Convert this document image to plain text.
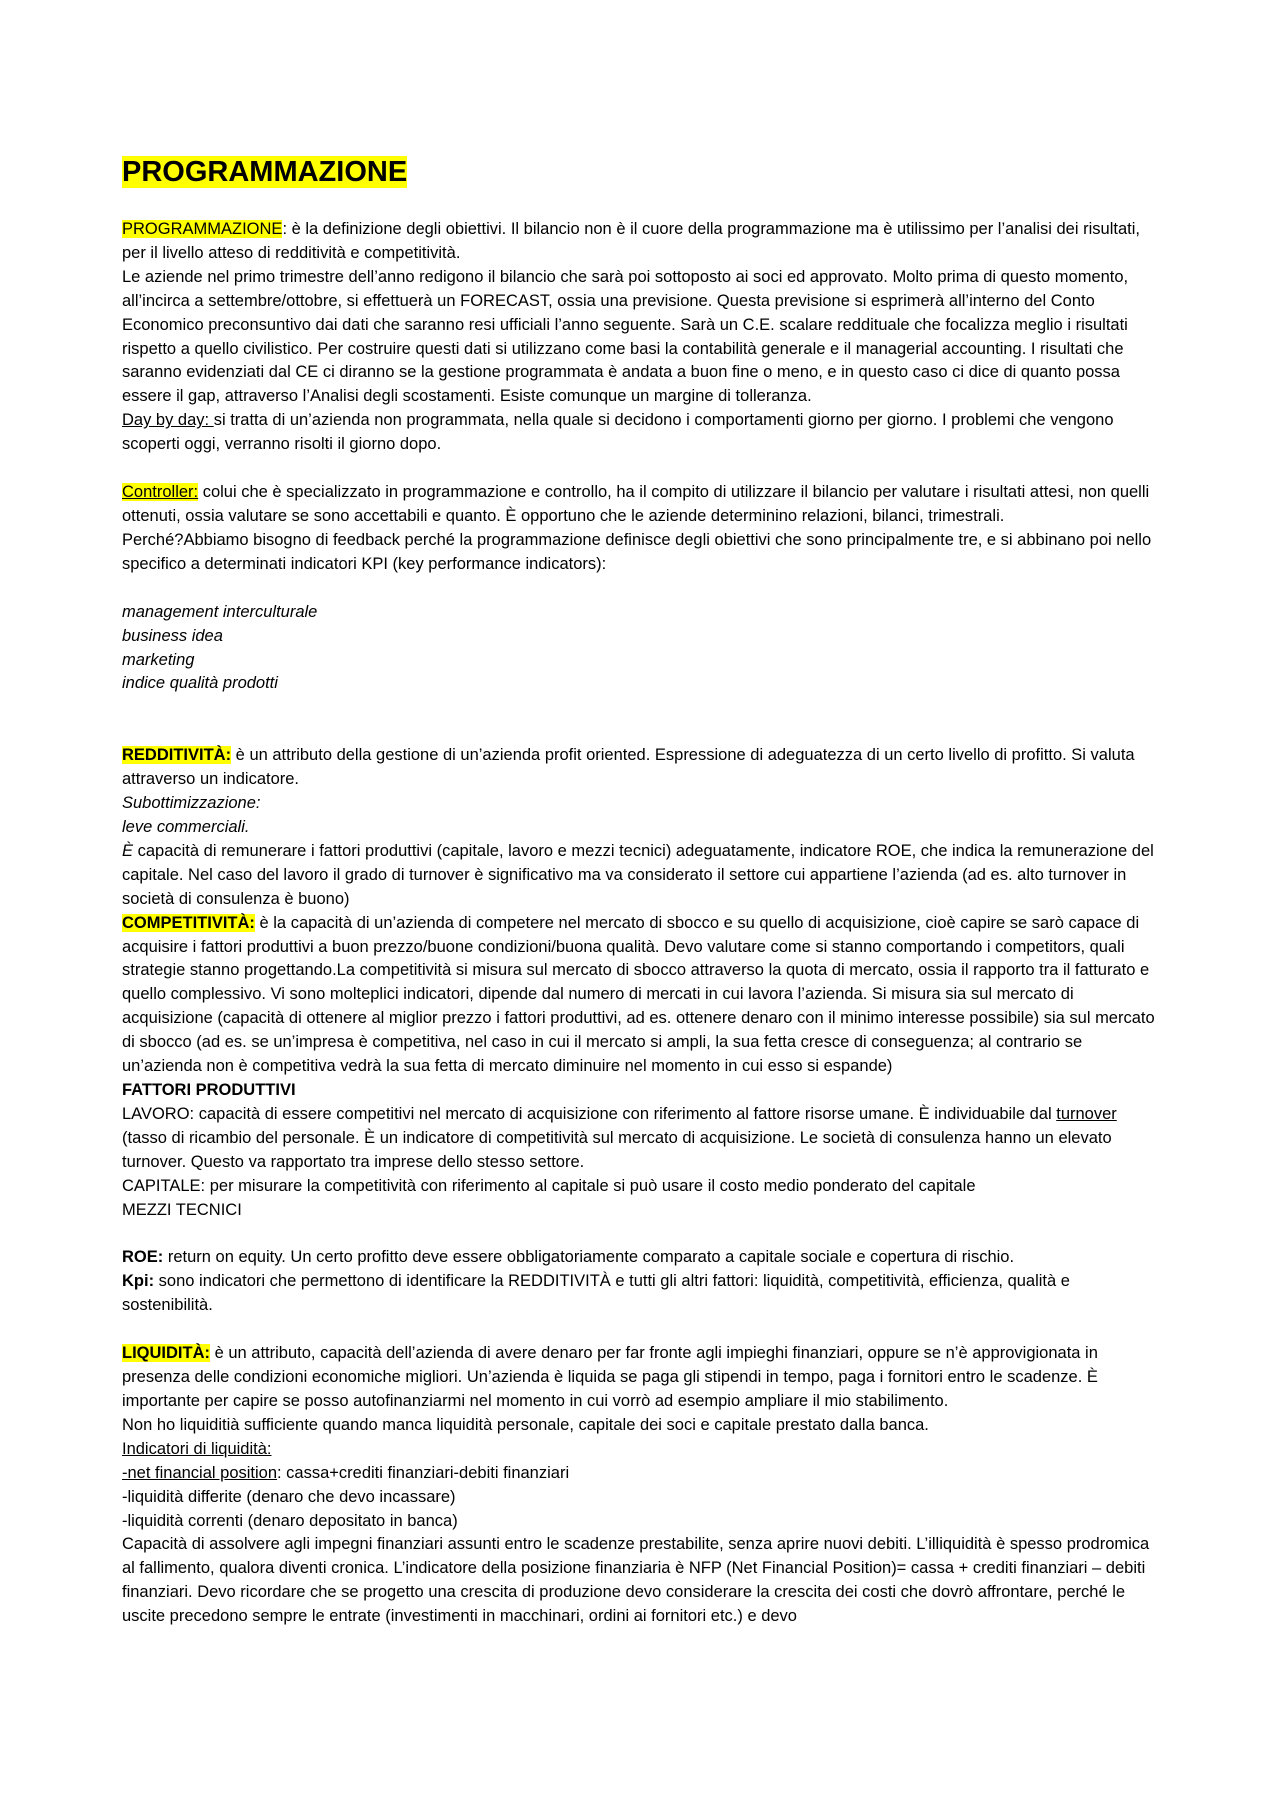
PROGRAMMAZIONE

PROGRAMMAZIONE: è la definizione degli obiettivi. Il bilancio non è il cuore della programmazione ma è utilissimo per l’analisi dei risultati, per il livello atteso di redditività e competitività.

Le aziende nel primo trimestre dell’anno redigono il bilancio che sarà poi sottoposto ai soci ed approvato. Molto prima di questo momento, all’incirca a settembre/ottobre, si effettuerà un FORECAST, ossia una previsione. Questa previsione si esprimerà all’interno del Conto Economico preconsuntivo dai dati che saranno resi ufficiali l’anno seguente. Sarà un C.E. scalare reddituale che focalizza meglio i risultati rispetto a quello civilistico. Per costruire questi dati si utilizzano come basi la contabilità generale e il managerial accounting. I risultati che saranno evidenziati dal CE ci diranno se la gestione programmata è andata a buon fine o meno, e in questo caso ci dice di quanto possa essere il gap, attraverso l’Analisi degli scostamenti. Esiste comunque un margine di tolleranza.

Day by day: si tratta di un’azienda non programmata, nella quale si decidono i comportamenti giorno per giorno. I problemi che vengono scoperti oggi, verranno risolti il giorno dopo.

Controller: colui che è specializzato in programmazione e controllo, ha il compito di utilizzare il bilancio per valutare i risultati attesi, non quelli ottenuti, ossia valutare se sono accettabili e quanto. È opportuno che le aziende determinino relazioni, bilanci, trimestrali.

Perché?Abbiamo bisogno di feedback perché la programmazione definisce degli obiettivi che sono principalmente tre, e si abbinano poi nello specifico a determinati indicatori KPI (key performance indicators):

management interculturale

business idea

marketing

indice qualità prodotti

REDDITIVITÀ: è un attributo della gestione di un’azienda profit oriented. Espressione di adeguatezza di un certo livello di profitto. Si valuta attraverso un indicatore.

Subottimizzazione:

leve commerciali.

È capacità di remunerare i fattori produttivi (capitale, lavoro e mezzi tecnici) adeguatamente, indicatore ROE, che indica la remunerazione del capitale. Nel caso del lavoro il grado di turnover è significativo ma va considerato il settore cui appartiene l’azienda (ad es. alto turnover in società di consulenza è buono)

COMPETITIVITÀ: è la capacità di un’azienda di competere nel mercato di sbocco e su quello di acquisizione, cioè capire se sarò capace di acquisire i fattori produttivi a buon prezzo/buone condizioni/buona qualità. Devo valutare come si stanno comportando i competitors, quali strategie stanno progettando.La competitività si misura sul mercato di sbocco attraverso la quota di mercato, ossia il rapporto tra il fatturato e quello complessivo. Vi sono molteplici indicatori, dipende dal numero di mercati in cui lavora l’azienda. Si misura sia sul mercato di acquisizione (capacità di ottenere al miglior prezzo i fattori produttivi, ad es. ottenere denaro con il minimo interesse possibile) sia sul mercato di sbocco (ad es. se un’impresa è competitiva, nel caso in cui il mercato si ampli, la sua fetta cresce di conseguenza; al contrario se un’azienda non è competitiva vedrà la sua fetta di mercato diminuire nel momento in cui esso si espande)

FATTORI PRODUTTIVI

LAVORO: capacità di essere competitivi nel mercato di acquisizione con riferimento al fattore risorse umane. È individuabile dal turnover (tasso di ricambio del personale. È un indicatore di competitività sul mercato di acquisizione. Le società di consulenza hanno un elevato turnover. Questo va rapportato tra imprese dello stesso settore.

CAPITALE: per misurare la competitività con riferimento al capitale si può usare il costo medio ponderato del capitale

MEZZI TECNICI

ROE: return on equity. Un certo profitto deve essere obbligatoriamente comparato a capitale sociale e copertura di rischio.

Kpi: sono indicatori che permettono di identificare la REDDITIVITÀ e tutti gli altri fattori: liquidità, competitività, efficienza, qualità e sostenibilità.

LIQUIDITÀ: è un attributo, capacità dell’azienda di avere denaro per far fronte agli impieghi finanziari, oppure se n’è approvigionata in presenza delle condizioni economiche migliori. Un’azienda è liquida se paga gli stipendi in tempo, paga i fornitori entro le scadenze. È importante per capire se posso autofinanziarmi nel momento in cui vorrò ad esempio ampliare il mio stabilimento.

Non ho liquiditià sufficiente quando manca liquidità personale, capitale dei soci e capitale prestato dalla banca.

Indicatori di liquidità:

-net financial position: cassa+crediti finanziari-debiti finanziari

-liquidità differite (denaro che devo incassare)

-liquidità correnti (denaro depositato in banca)

Capacità di assolvere agli impegni finanziari assunti entro le scadenze prestabilite, senza aprire nuovi debiti. L’illiquidità è spesso prodromica al fallimento, qualora diventi cronica. L’indicatore della posizione finanziaria è NFP (Net Financial Position)= cassa + crediti finanziari – debiti finanziari. Devo ricordare che se progetto una crescita di produzione devo considerare la crescita dei costi che dovrò affrontare, perché le uscite precedono sempre le entrate (investimenti in macchinari, ordini ai fornitori etc.) e devo
